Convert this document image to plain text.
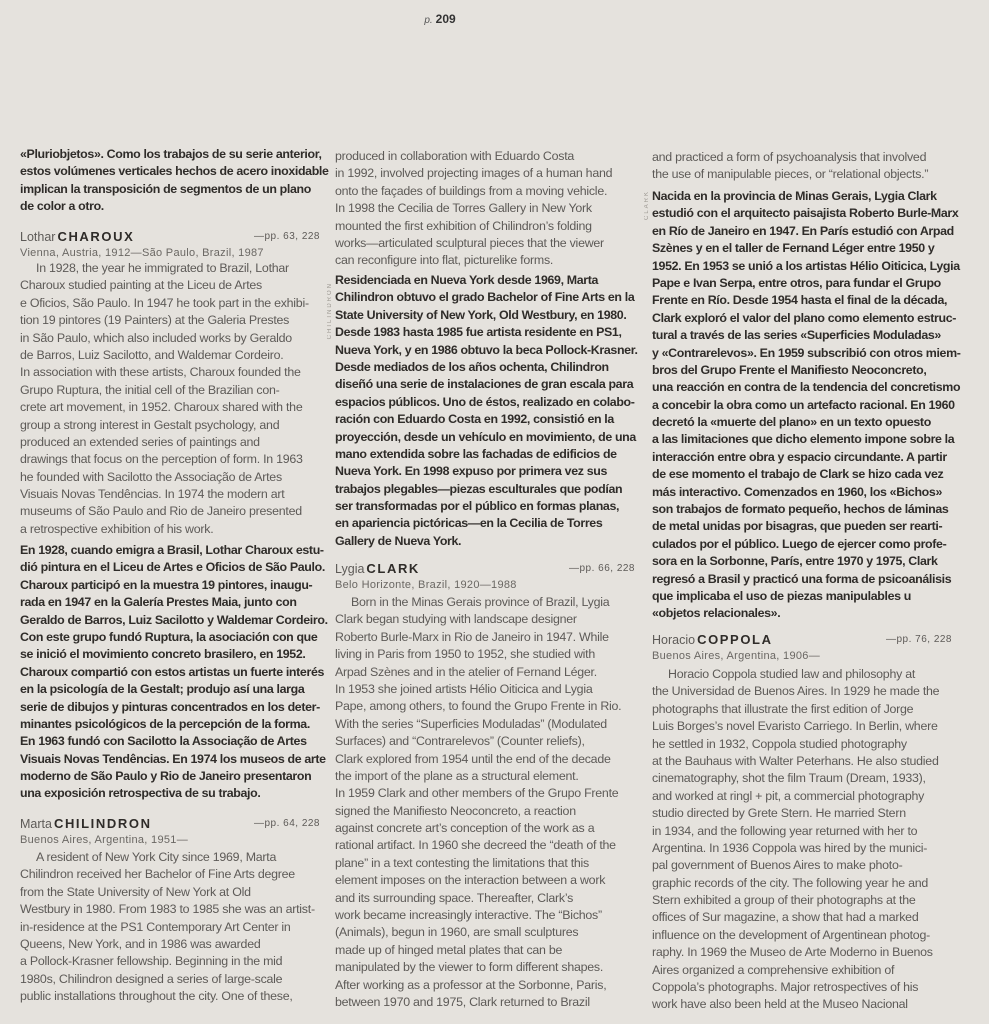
p. 209
CHILINDRON
CLARK
«Pluriobjetos». Como los trabajos de su serie anterior,
estos volúmenes verticales hechos de acero inoxidable
implican la transposición de segmentos de un plano
de color a otro.
Lothar CHAROUX	—pp. 63, 228
Vienna, Austria, 1912—São Paulo, Brazil, 1987
In 1928, the year he immigrated to Brazil, Lothar
Charoux studied painting at the Liceu de Artes
e Oficios, São Paulo. In 1947 he took part in the exhibi-
tion 19 pintores (19 Painters) at the Galeria Prestes
in São Paulo, which also included works by Geraldo
de Barros, Luiz Sacilotto, and Waldemar Cordeiro.
In association with these artists, Charoux founded the
Grupo Ruptura, the initial cell of the Brazilian con-
crete art movement, in 1952. Charoux shared with the
group a strong interest in Gestalt psychology, and
produced an extended series of paintings and
drawings that focus on the perception of form. In 1963
he founded with Sacilotto the Associação de Artes
Visuais Novas Tendências. In 1974 the modern art
museums of São Paulo and Rio de Janeiro presented
a retrospective exhibition of his work.
En 1928, cuando emigra a Brasil, Lothar Charoux estu-
dió pintura en el Liceu de Artes e Oficios de São Paulo.
Charoux participó en la muestra 19 pintores, inaugu-
rada en 1947 en la Galería Prestes Maia, junto con
Geraldo de Barros, Luiz Sacilotto y Waldemar Cordeiro.
Con este grupo fundó Ruptura, la asociación con que
se inició el movimiento concreto brasilero, en 1952.
Charoux compartió con estos artistas un fuerte interés
en la psicología de la Gestalt; produjo así una larga
serie de dibujos y pinturas concentrados en los deter-
minantes psicológicos de la percepción de la forma.
En 1963 fundó con Sacilotto la Associação de Artes
Visuais Novas Tendências. En 1974 los museos de arte
moderno de São Paulo y Rio de Janeiro presentaron
una exposición retrospectiva de su trabajo.
Marta CHILINDRON	—pp. 64, 228
Buenos Aires, Argentina, 1951—
A resident of New York City since 1969, Marta
Chilindron received her Bachelor of Fine Arts degree
from the State University of New York at Old
Westbury in 1980. From 1983 to 1985 she was an artist-
in-residence at the PS1 Contemporary Art Center in
Queens, New York, and in 1986 was awarded
a Pollock-Krasner fellowship. Beginning in the mid
1980s, Chilindron designed a series of large-scale
public installations throughout the city. One of these,
produced in collaboration with Eduardo Costa
in 1992, involved projecting images of a human hand
onto the façades of buildings from a moving vehicle.
In 1998 the Cecilia de Torres Gallery in New York
mounted the first exhibition of Chilindron’s folding
works—articulated sculptural pieces that the viewer
can reconfigure into flat, picturelike forms.
Residenciada en Nueva York desde 1969, Marta
Chilindron obtuvo el grado Bachelor of Fine Arts en la
State University of New York, Old Westbury, en 1980.
Desde 1983 hasta 1985 fue artista residente en PS1,
Nueva York, y en 1986 obtuvo la beca Pollock-Krasner.
Desde mediados de los años ochenta, Chilindron
diseñó una serie de instalaciones de gran escala para
espacios públicos. Uno de éstos, realizado en colabo-
ración con Eduardo Costa en 1992, consistió en la
proyección, desde un vehículo en movimiento, de una
mano extendida sobre las fachadas de edificios de
Nueva York. En 1998 expuso por primera vez sus
trabajos plegables—piezas esculturales que podían
ser transformadas por el público en formas planas,
en apariencia pictóricas—en la Cecilia de Torres
Gallery de Nueva York.
Lygia CLARK	—pp. 66, 228
Belo Horizonte, Brazil, 1920—1988
Born in the Minas Gerais province of Brazil, Lygia
Clark began studying with landscape designer
Roberto Burle-Marx in Rio de Janeiro in 1947. While
living in Paris from 1950 to 1952, she studied with
Arpad Szènes and in the atelier of Fernand Léger.
In 1953 she joined artists Hélio Oiticica and Lygia
Pape, among others, to found the Grupo Frente in Rio.
With the series “Superficies Moduladas” (Modulated
Surfaces) and “Contrarelevos” (Counter reliefs),
Clark explored from 1954 until the end of the decade
the import of the plane as a structural element.
In 1959 Clark and other members of the Grupo Frente
signed the Manifiesto Neoconcreto, a reaction
against concrete art’s conception of the work as a
rational artifact. In 1960 she decreed the “death of the
plane” in a text contesting the limitations that this
element imposes on the interaction between a work
and its surrounding space. Thereafter, Clark’s
work became increasingly interactive. The “Bichos”
(Animals), begun in 1960, are small sculptures
made up of hinged metal plates that can be
manipulated by the viewer to form different shapes.
After working as a professor at the Sorbonne, Paris,
between 1970 and 1975, Clark returned to Brazil
and practiced a form of psychoanalysis that involved
the use of manipulable pieces, or “relational objects.”
Nacida en la provincia de Minas Gerais, Lygia Clark
estudió con el arquitecto paisajista Roberto Burle-Marx
en Río de Janeiro en 1947. En París estudió con Arpad
Szènes y en el taller de Fernand Léger entre 1950 y
1952. En 1953 se unió a los artistas Hélio Oiticica, Lygia
Pape e Ivan Serpa, entre otros, para fundar el Grupo
Frente en Río. Desde 1954 hasta el final de la década,
Clark exploró el valor del plano como elemento estruc-
tural a través de las series «Superficies Moduladas»
y «Contrarelevos». En 1959 subscribió con otros miem-
bros del Grupo Frente el Manifiesto Neoconcreto,
una reacción en contra de la tendencia del concretismo
a concebir la obra como un artefacto racional. En 1960
decretó la «muerte del plano» en un texto opuesto
a las limitaciones que dicho elemento impone sobre la
interacción entre obra y espacio circundante. A partir
de ese momento el trabajo de Clark se hizo cada vez
más interactivo. Comenzados en 1960, los «Bichos»
son trabajos de formato pequeño, hechos de láminas
de metal unidas por bisagras, que pueden ser rearti-
culados por el público. Luego de ejercer como profe-
sora en la Sorbonne, París, entre 1970 y 1975, Clark
regresó a Brasil y practicó una forma de psicoanálisis
que implicaba el uso de piezas manipulables u
«objetos relacionales».
Horacio COPPOLA	—pp. 76, 228
Buenos Aires, Argentina, 1906—
Horacio Coppola studied law and philosophy at
the Universidad de Buenos Aires. In 1929 he made the
photographs that illustrate the first edition of Jorge
Luis Borges’s novel Evaristo Carriego. In Berlin, where
he settled in 1932, Coppola studied photography
at the Bauhaus with Walter Peterhans. He also studied
cinematography, shot the film Traum (Dream, 1933),
and worked at ringl + pit, a commercial photography
studio directed by Grete Stern. He married Stern
in 1934, and the following year returned with her to
Argentina. In 1936 Coppola was hired by the munici-
pal government of Buenos Aires to make photo-
graphic records of the city. The following year he and
Stern exhibited a group of their photographs at the
offices of Sur magazine, a show that had a marked
influence on the development of Argentinean photog-
raphy. In 1969 the Museo de Arte Moderno in Buenos
Aires organized a comprehensive exhibition of
Coppola’s photographs. Major retrospectives of his
work have also been held at the Museo Nacional
